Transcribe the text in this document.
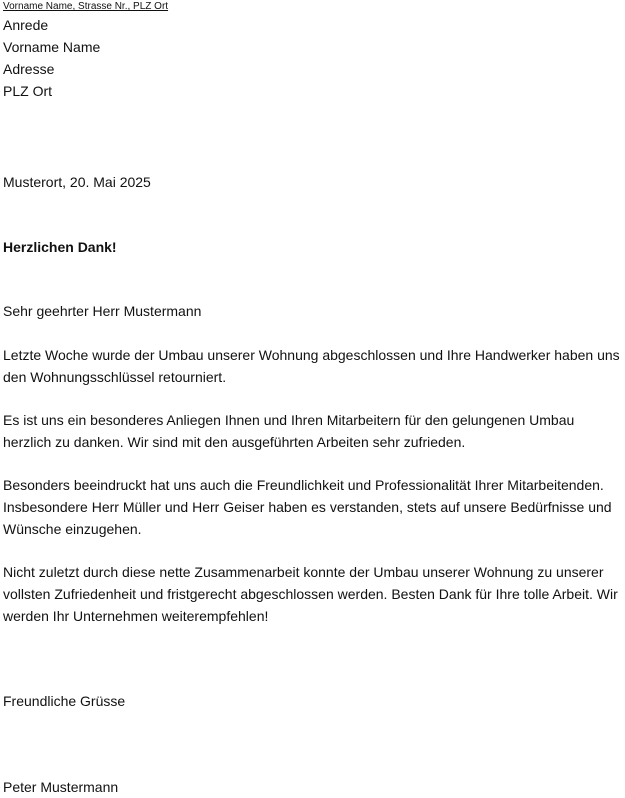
Vorname Name, Strasse Nr., PLZ Ort
Anrede
Vorname Name
Adresse
PLZ Ort
Musterort, 20. Mai 2025
Herzlichen Dank!
Sehr geehrter Herr Mustermann
Letzte Woche wurde der Umbau unserer Wohnung abgeschlossen und Ihre Handwerker haben uns den Wohnungsschlüssel retourniert.
Es ist uns ein besonderes Anliegen Ihnen und Ihren Mitarbeitern für den gelungenen Umbau herzlich zu danken. Wir sind mit den ausgeführten Arbeiten sehr zufrieden.
Besonders beeindruckt hat uns auch die Freundlichkeit und Professionalität Ihrer Mitarbeitenden. Insbesondere Herr Müller und Herr Geiser haben es verstanden, stets auf unsere Bedürfnisse und Wünsche einzugehen.
Nicht zuletzt durch diese nette Zusammenarbeit konnte der Umbau unserer Wohnung zu unserer vollsten Zufriedenheit und fristgerecht abgeschlossen werden. Besten Dank für Ihre tolle Arbeit. Wir werden Ihr Unternehmen weiterempfehlen!
Freundliche Grüsse
Peter Mustermann
